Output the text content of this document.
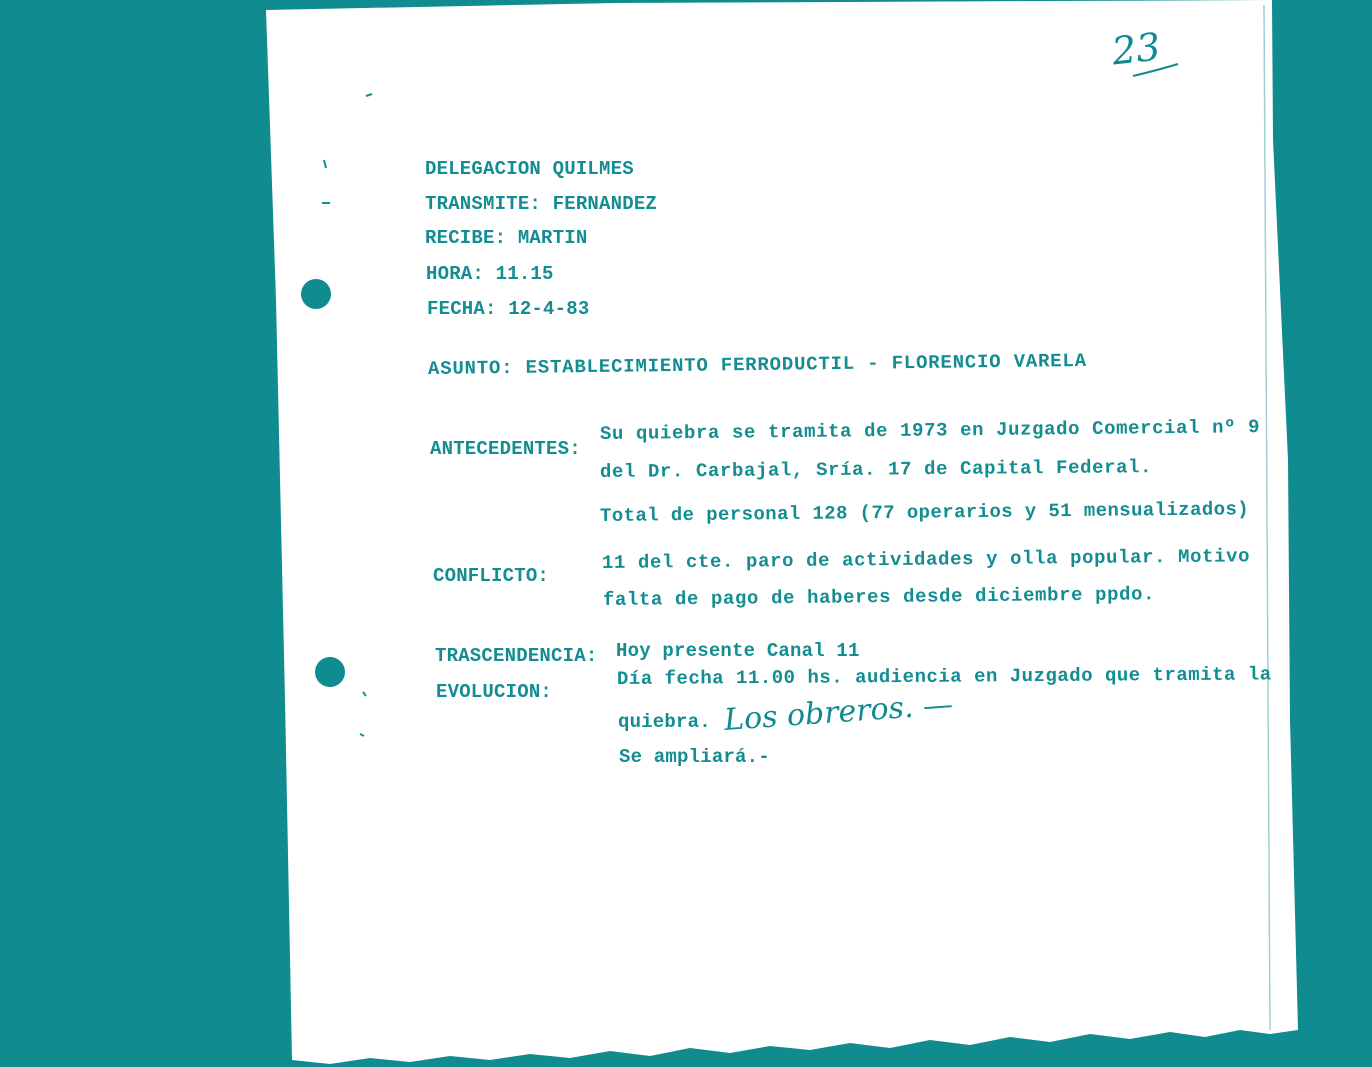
23
DELEGACION QUILMES
TRANSMITE: FERNANDEZ
RECIBE: MARTIN
HORA: 11.15
FECHA: 12-4-83
ASUNTO: ESTABLECIMIENTO FERRODUCTIL - FLORENCIO VARELA
ANTECEDENTES:
Su quiebra se tramita de 1973 en Juzgado Comercial nº 9
del Dr. Carbajal, Sría. 17 de Capital Federal.
Total de personal 128 (77 operarios y 51 mensualizados)
CONFLICTO:
11 del cte. paro de actividades y olla popular. Motivo
falta de pago de haberes desde diciembre ppdo.
TRASCENDENCIA: Hoy presente Canal 11
EVOLUCION:
Día fecha 11.00 hs. audiencia en Juzgado que tramita la
quiebra. Los obreros. —
Se ampliará.-
